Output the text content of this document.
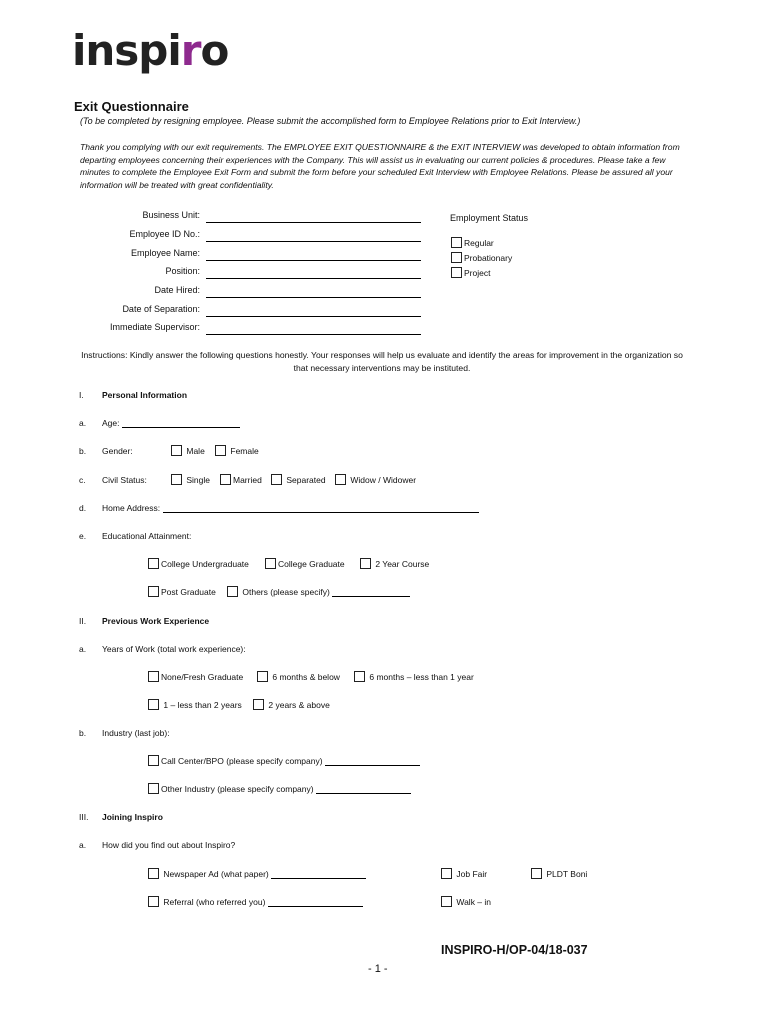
inspiro
Exit Questionnaire
(To be completed by resigning employee. Please submit the accomplished form to Employee Relations prior to Exit Interview.)
Thank you complying with our exit requirements. The EMPLOYEE EXIT QUESTIONNAIRE & the EXIT INTERVIEW was developed to obtain information from departing employees concerning their experiences with the Company. This will assist us in evaluating our current policies & procedures. Please take a few minutes to complete the Employee Exit Form and submit the form before your scheduled Exit Interview with Employee Relations. Please be assured all your information will be treated with great confidentiality.
Business Unit:
Employee ID No.:
Employee Name:
Position:
Date Hired:
Date of Separation:
Immediate Supervisor:
Employment Status
Regular
Probationary
Project
Instructions: Kindly answer the following questions honestly. Your responses will help us evaluate and identify the areas for improvement in the organization so that necessary interventions may be instituted.
I. Personal Information
a. Age:
b. Gender:	Male	Female
c. Civil Status:	Single	Married	Separated	Widow / Widower
d. Home Address:
e. Educational Attainment:
College Undergraduate	College Graduate	2 Year Course
Post Graduate	Others (please specify)
II. Previous Work Experience
a. Years of Work (total work experience):
None/Fresh Graduate	6 months & below	6 months – less than 1 year
1 – less than 2 years	2 years & above
b. Industry (last job):
Call Center/BPO (please specify company)
Other Industry (please specify company)
III. Joining Inspiro
a. How did you find out about Inspiro?
Newspaper Ad (what paper)	Job Fair	PLDT Boni
Referral (who referred you)	Walk – in
INSPIRO-H/OP-04/18-037
- 1 -
